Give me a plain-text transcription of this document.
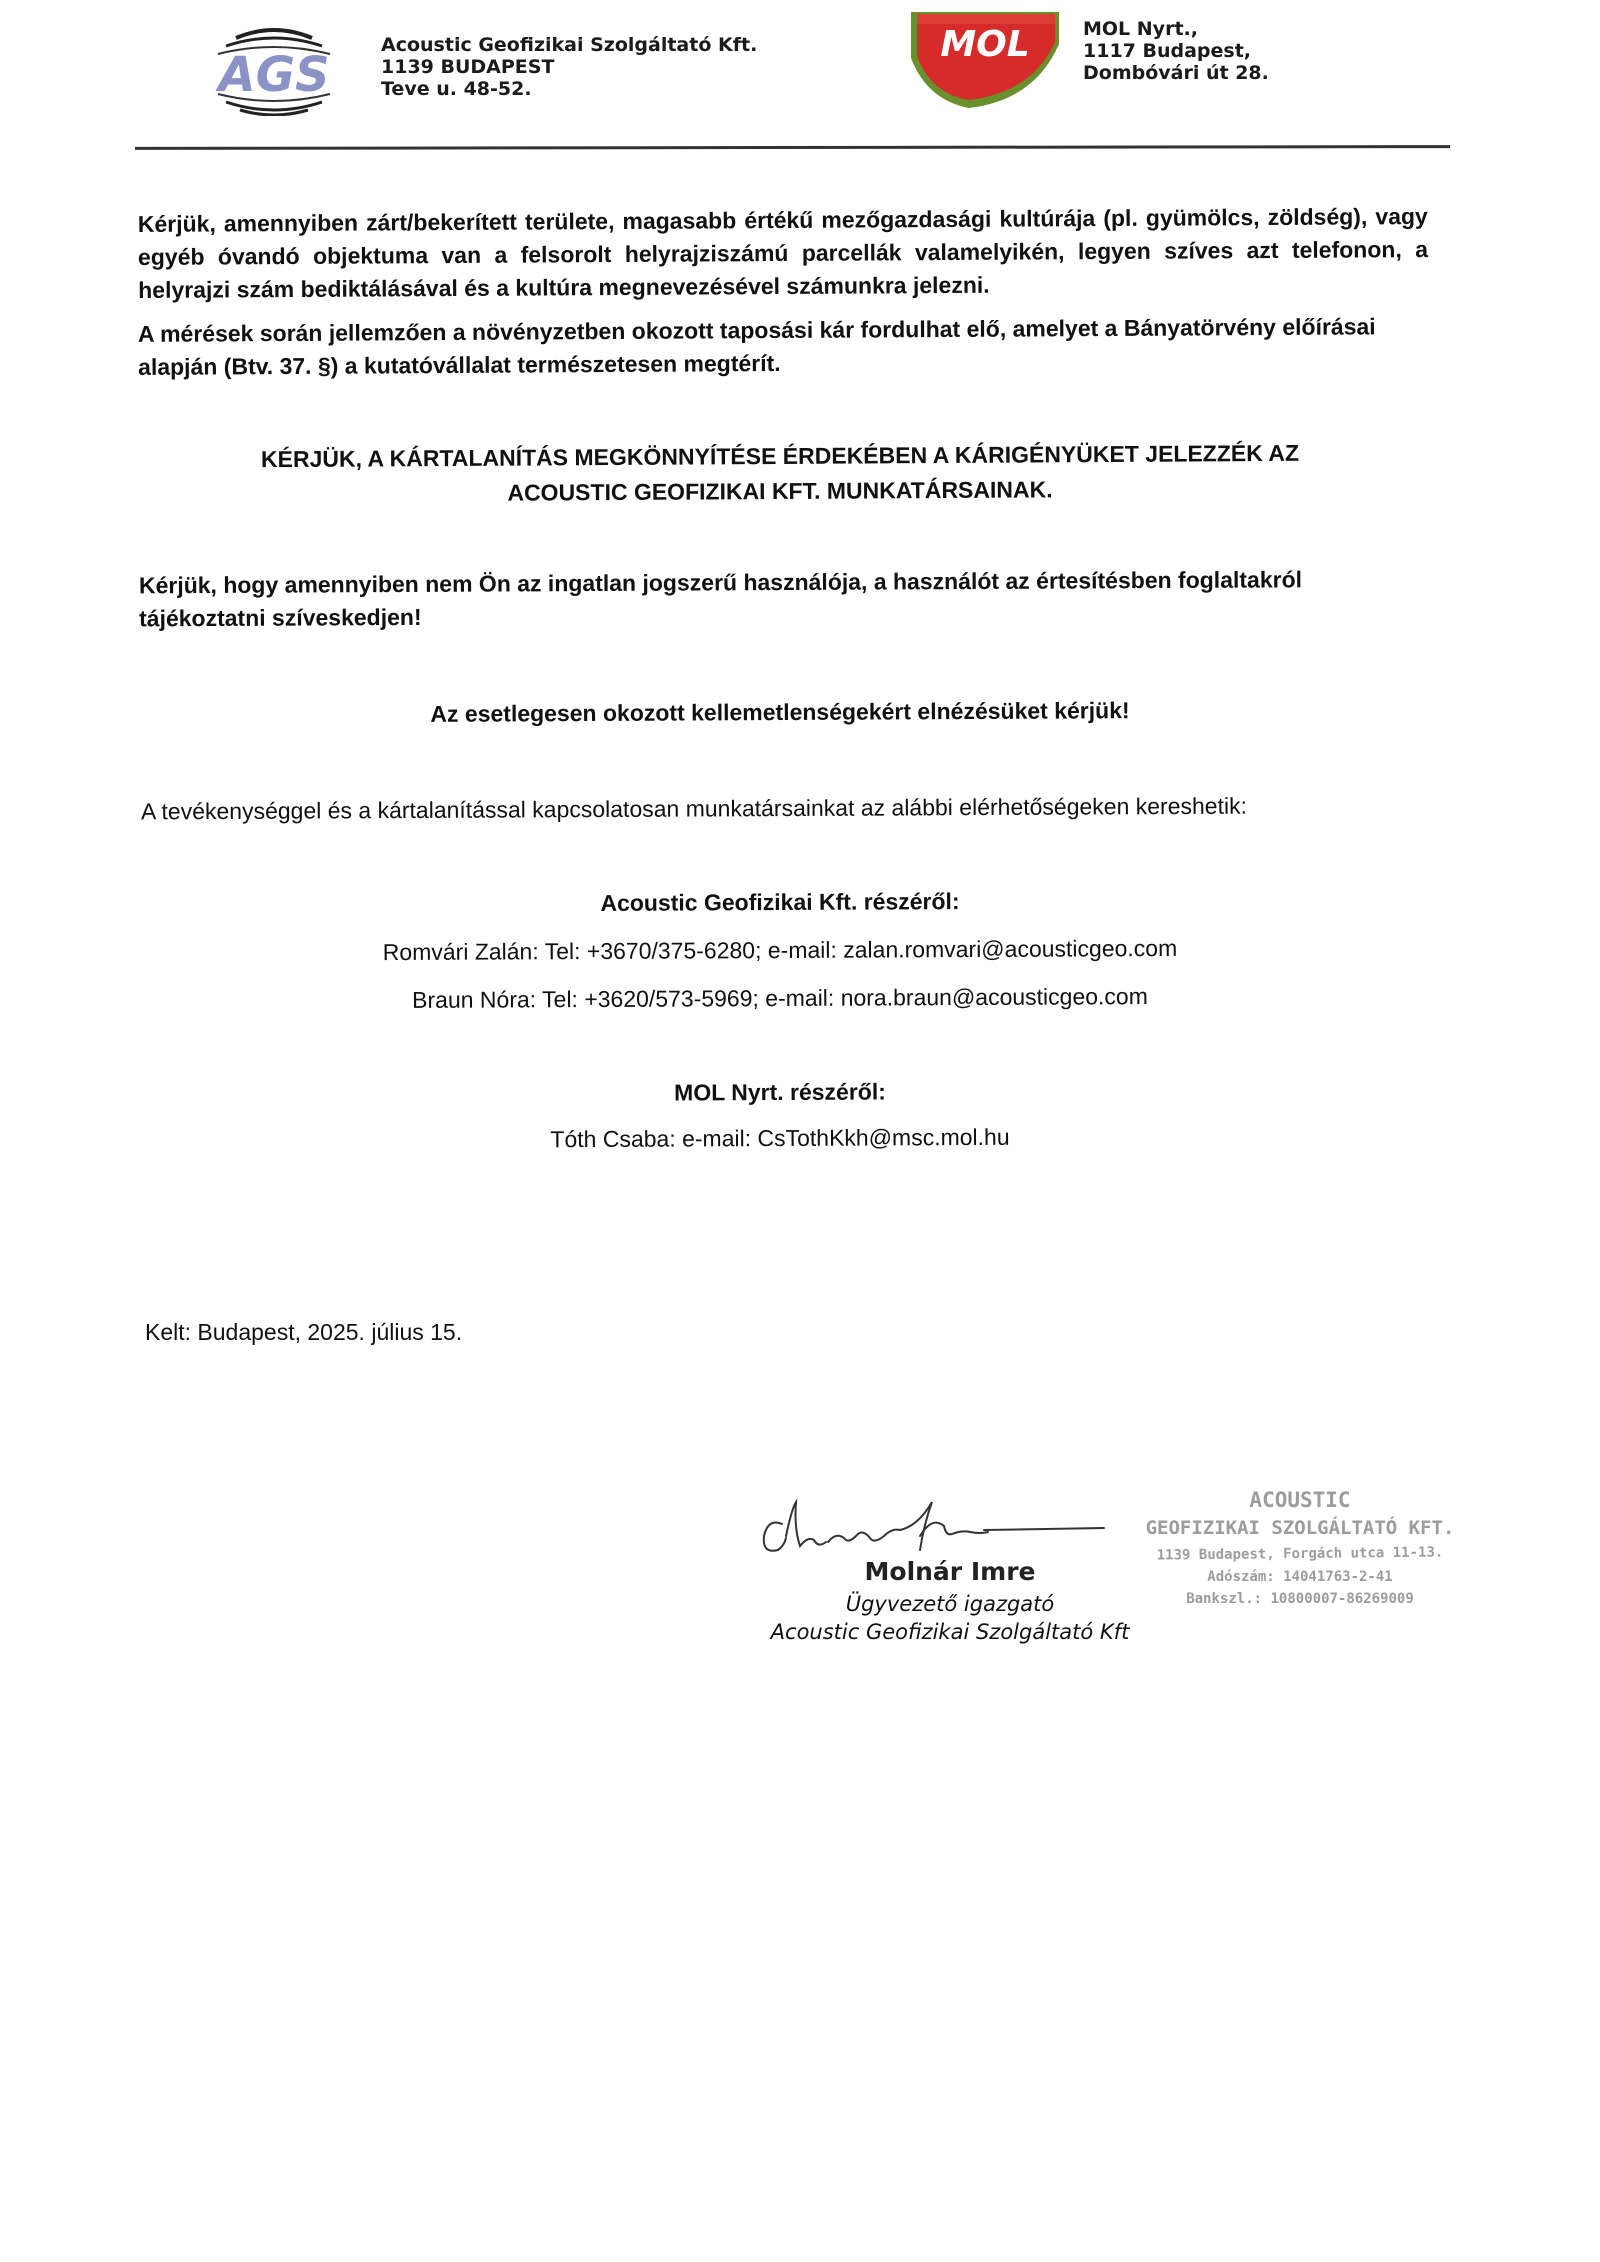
AGS
Acoustic Geofizikai Szolgáltató Kft.
1139 BUDAPEST
Teve u. 48-52.
MOL	MOL Nyrt.,
1117 Budapest,
Dombóvári út 28.
Kérjük, amennyiben zárt/bekerített területe, magasabb értékű mezőgazdasági kultúrája (pl. gyümölcs, zöldség), vagy egyéb óvandó objektuma van a felsorolt helyrajziszámú parcellák valamelyikén, legyen szíves azt telefonon, a helyrajzi szám bediktálásával és a kultúra megnevezésével számunkra jelezni.
A mérések során jellemzően a növényzetben okozott taposási kár fordulhat elő, amelyet a Bányatörvény előírásai alapján (Btv. 37. §) a kutatóvállalat természetesen megtérít.
KÉRJÜK, A KÁRTALANÍTÁS MEGKÖNNYÍTÉSE ÉRDEKÉBEN A KÁRIGÉNYÜKET JELEZZÉK AZ
ACOUSTIC GEOFIZIKAI KFT. MUNKATÁRSAINAK.
Kérjük, hogy amennyiben nem Ön az ingatlan jogszerű használója, a használót az értesítésben foglaltakról tájékoztatni szíveskedjen!
Az esetlegesen okozott kellemetlenségekért elnézésüket kérjük!
A tevékenységgel és a kártalanítással kapcsolatosan munkatársainkat az alábbi elérhetőségeken kereshetik:
Acoustic Geofizikai Kft. részéről:
Romvári Zalán: Tel: +3670/375-6280; e-mail: zalan.romvari@acousticgeo.com
Braun Nóra: Tel: +3620/573-5969; e-mail: nora.braun@acousticgeo.com
MOL Nyrt. részéről:
Tóth Csaba: e-mail: CsTothKkh@msc.mol.hu
Kelt: Budapest, 2025. július 15.
Molnár Imre
Ügyvezető igazgató
Acoustic Geofizikai Szolgáltató Kft
ACOUSTIC
GEOFIZIKAI SZOLGÁLTATÓ KFT.
1139 Budapest, Forgách utca 11-13.
Adószám: 14041763-2-41
Bankszl.: 10800007-86269009
